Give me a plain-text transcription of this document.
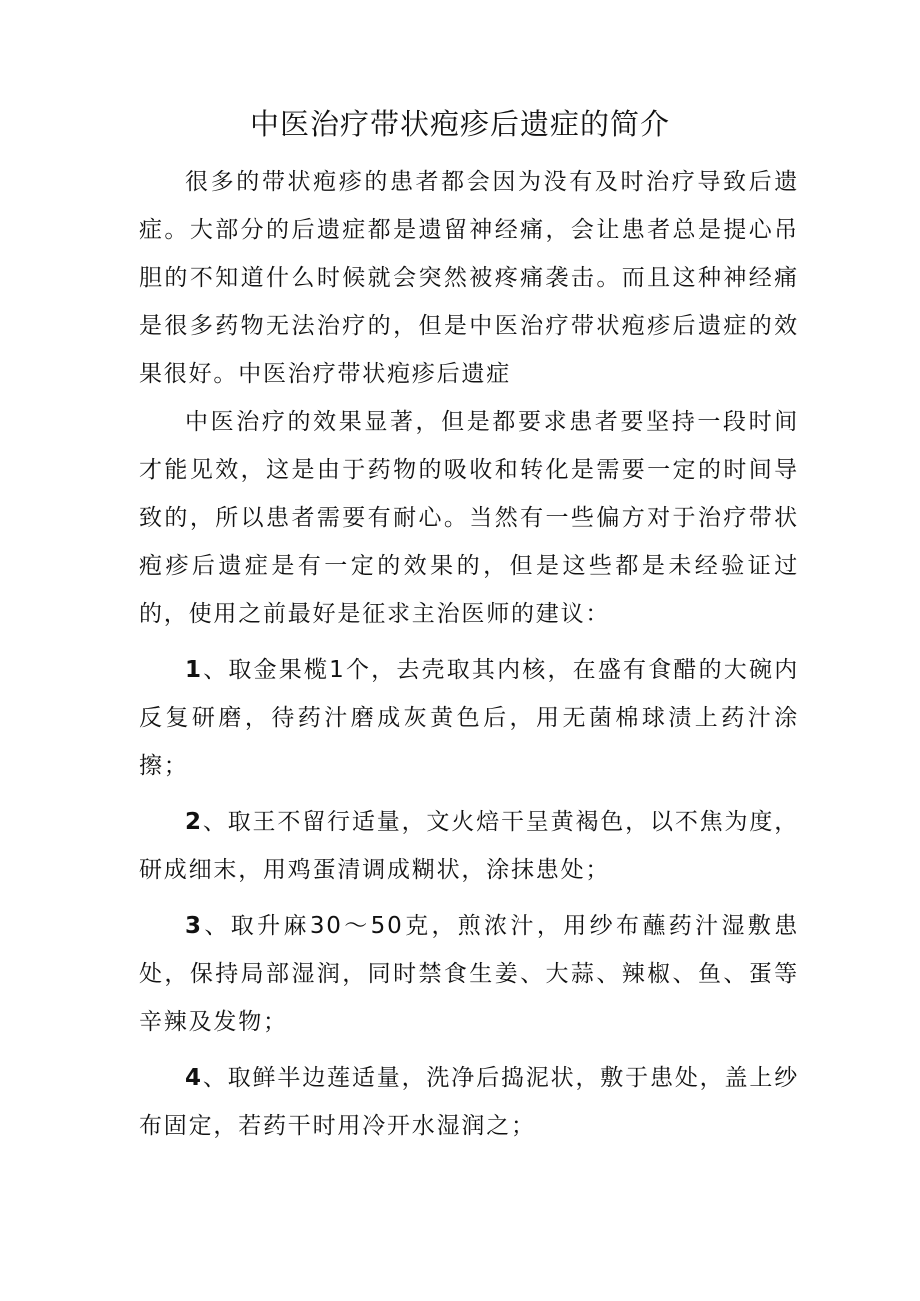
中医治疗带状疱疹后遗症的简介

很多的带状疱疹的患者都会因为没有及时治疗导致后遗症。大部分的后遗症都是遗留神经痛，会让患者总是提心吊胆的不知道什么时候就会突然被疼痛袭击。而且这种神经痛是很多药物无法治疗的，但是中医治疗带状疱疹后遗症的效果很好。中医治疗带状疱疹后遗症

中医治疗的效果显著，但是都要求患者要坚持一段时间才能见效，这是由于药物的吸收和转化是需要一定的时间导致的，所以患者需要有耐心。当然有一些偏方对于治疗带状疱疹后遗症是有一定的效果的，但是这些都是未经验证过的，使用之前最好是征求主治医师的建议：

1、取金果榄1个，去壳取其内核，在盛有食醋的大碗内反复研磨，待药汁磨成灰黄色后，用无菌棉球渍上药汁涂擦；

2、取王不留行适量，文火焙干呈黄褐色，以不焦为度，研成细末，用鸡蛋清调成糊状，涂抹患处；

3、取升麻30～50克，煎浓汁，用纱布蘸药汁湿敷患处，保持局部湿润，同时禁食生姜、大蒜、辣椒、鱼、蛋等辛辣及发物；

4、取鲜半边莲适量，洗净后捣泥状，敷于患处，盖上纱布固定，若药干时用冷开水湿润之；
